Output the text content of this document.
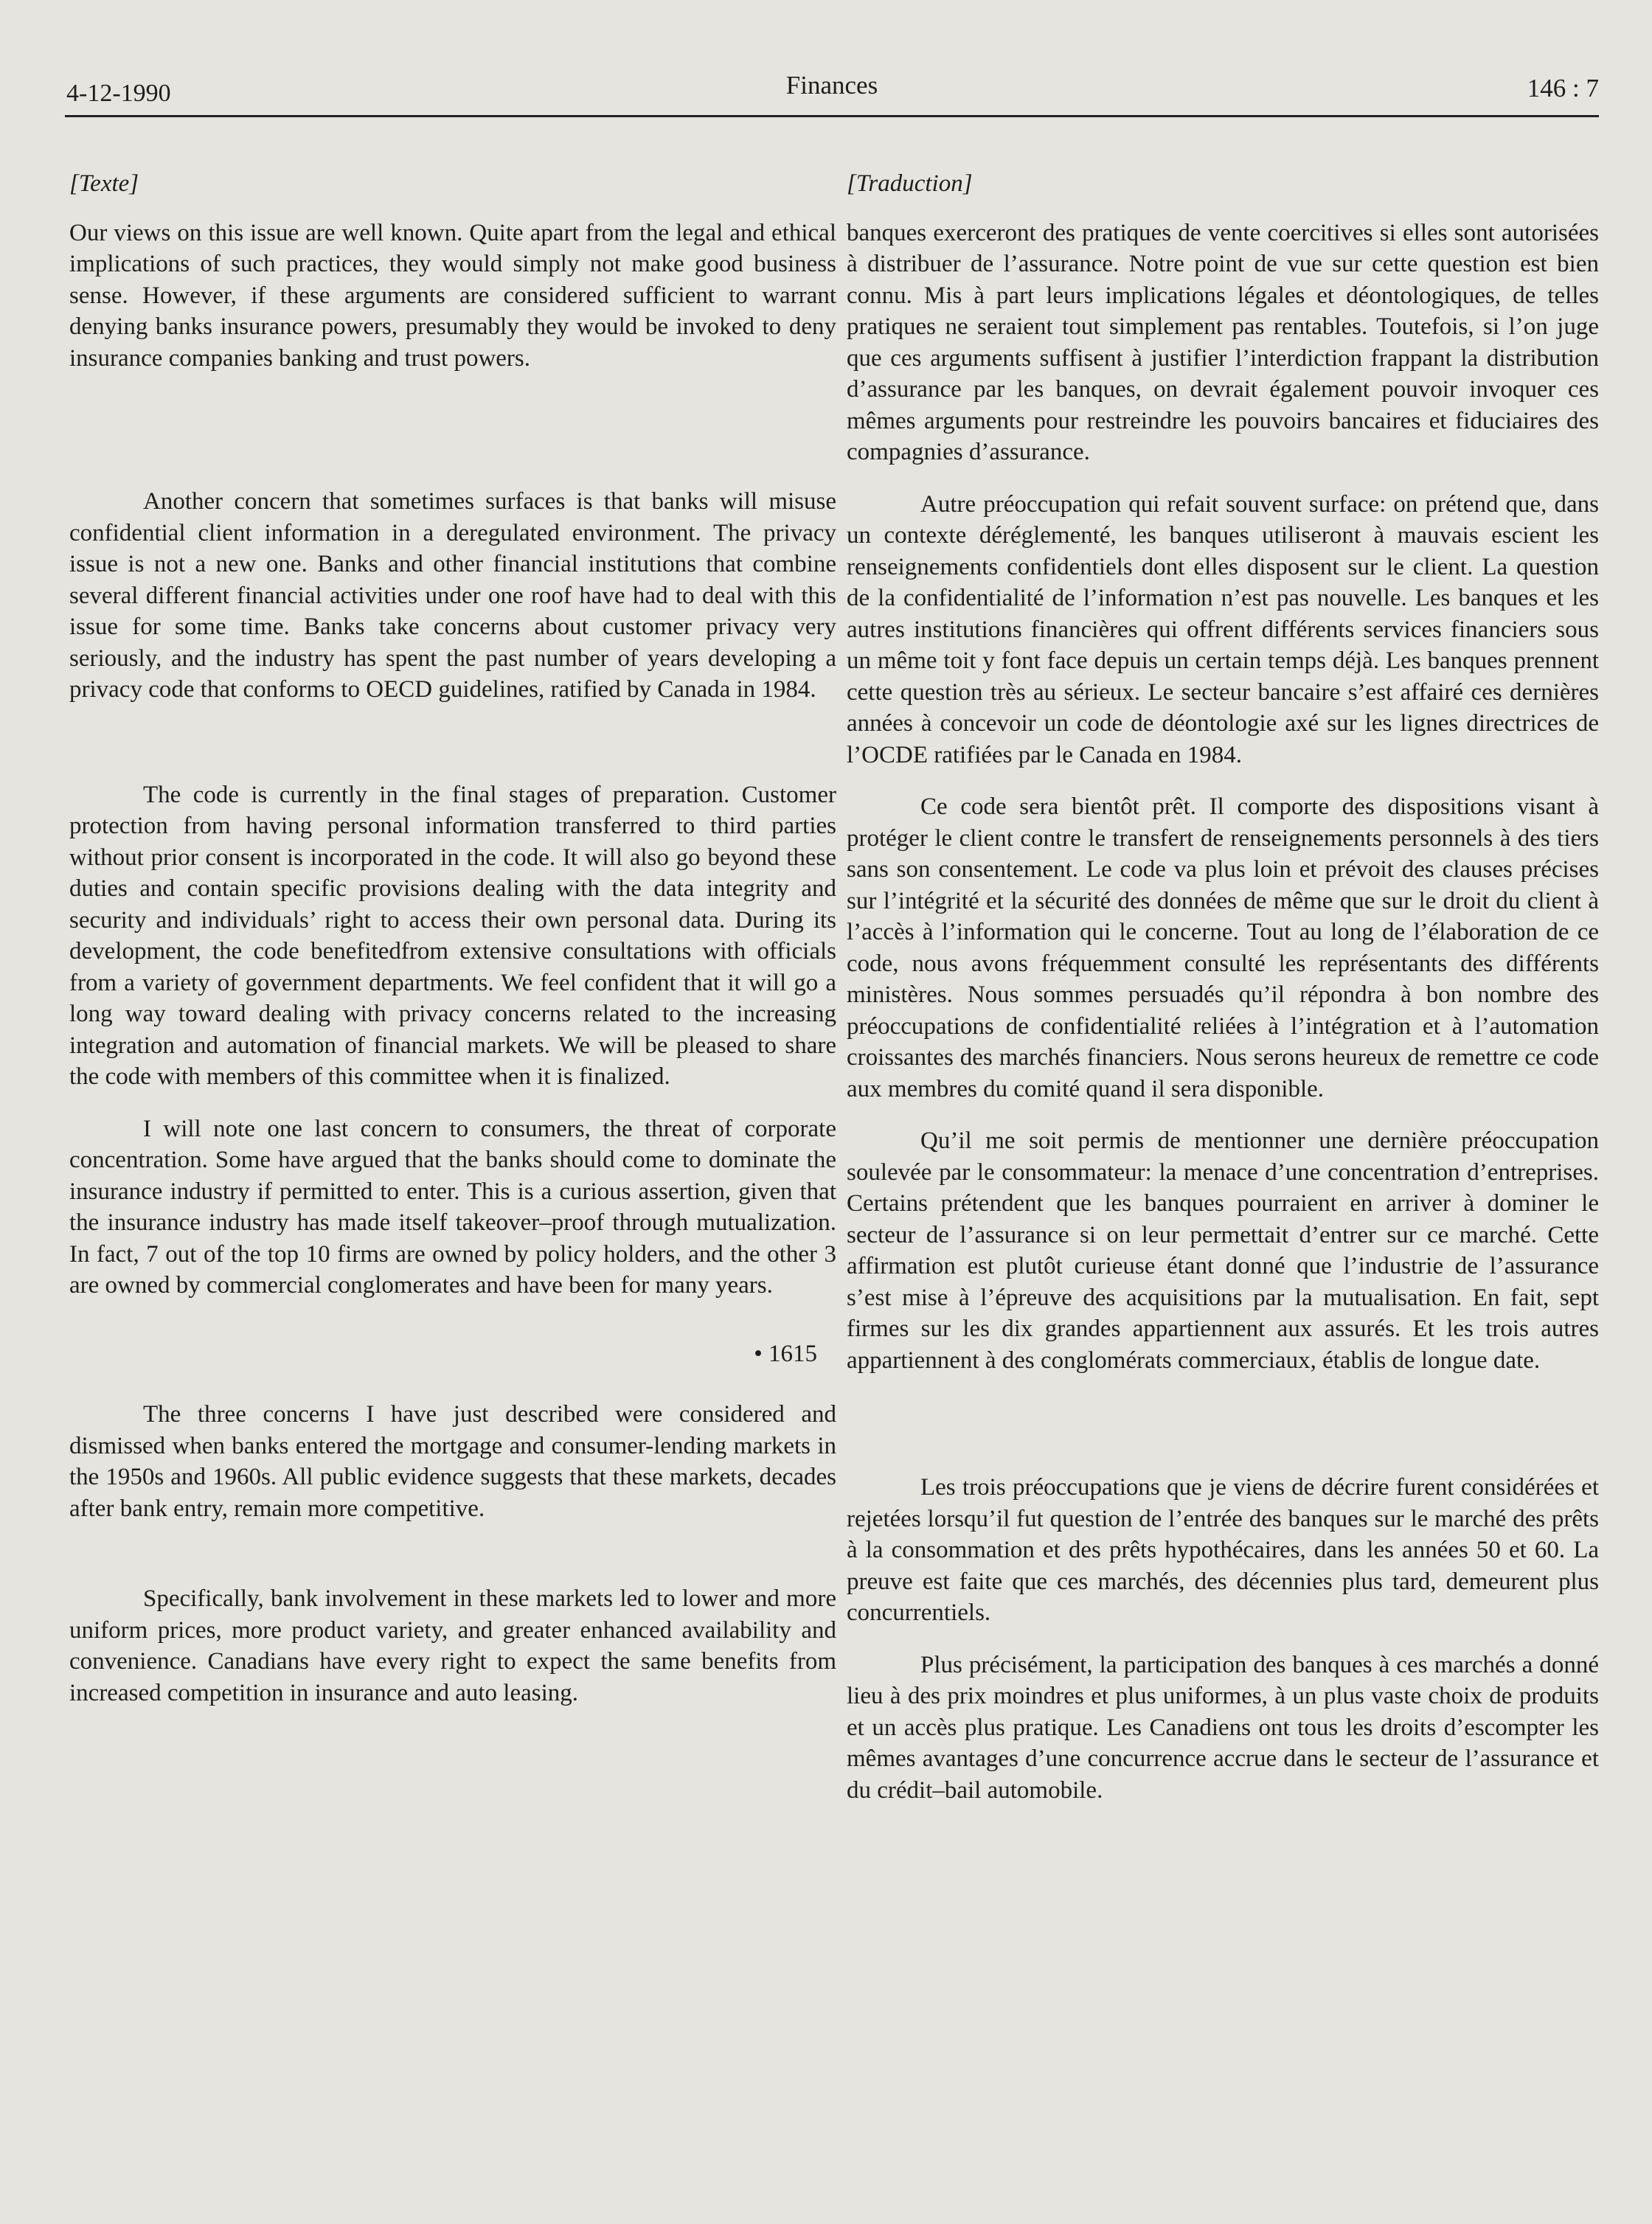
4-12-1990	Finances	146 : 7
[Texte]

Our views on this issue are well known. Quite apart from the legal and ethical implications of such practices, they would simply not make good business sense. However, if these arguments are considered sufficient to warrant denying banks insurance powers, presumably they would be invoked to deny insurance companies banking and trust powers.

Another concern that sometimes surfaces is that banks will misuse confidential client information in a deregulated environment. The privacy issue is not a new one. Banks and other financial institutions that combine several different financial activities under one roof have had to deal with this issue for some time. Banks take concerns about customer privacy very seriously, and the industry has spent the past number of years developing a privacy code that conforms to OECD guidelines, ratified by Canada in 1984.

The code is currently in the final stages of preparation. Customer protection from having personal information transferred to third parties without prior consent is incorporated in the code. It will also go beyond these duties and contain specific provisions dealing with the data integrity and security and individuals’ right to access their own personal data. During its development, the code benefitedfrom extensive consultations with officials from a variety of government departments. We feel confident that it will go a long way toward dealing with privacy concerns related to the increasing integration and automation of financial markets. We will be pleased to share the code with members of this committee when it is finalized.

I will note one last concern to consumers, the threat of corporate concentration. Some have argued that the banks should come to dominate the insurance industry if permitted to enter. This is a curious assertion, given that the insurance industry has made itself takeover–proof through mutualization. In fact, 7 out of the top 10 firms are owned by policy holders, and the other 3 are owned by commercial conglomerates and have been for many years.

• 1615

The three concerns I have just described were considered and dismissed when banks entered the mortgage and consumer-lending markets in the 1950s and 1960s. All public evidence suggests that these markets, decades after bank entry, remain more competitive.

Specifically, bank involvement in these markets led to lower and more uniform prices, more product variety, and greater enhanced availability and convenience. Canadians have every right to expect the same benefits from increased competition in insurance and auto leasing.

[Traduction]

banques exerceront des pratiques de vente coercitives si elles sont autorisées à distribuer de l’assurance. Notre point de vue sur cette question est bien connu. Mis à part leurs implications légales et déontologiques, de telles pratiques ne seraient tout simplement pas rentables. Toutefois, si l’on juge que ces arguments suffisent à justifier l’interdiction frappant la distribution d’assurance par les banques, on devrait également pouvoir invoquer ces mêmes arguments pour restreindre les pouvoirs bancaires et fiduciaires des compagnies d’assurance.

Autre préoccupation qui refait souvent surface: on prétend que, dans un contexte déréglementé, les banques utiliseront à mauvais escient les renseignements confidentiels dont elles disposent sur le client. La question de la confidentialité de l’information n’est pas nouvelle. Les banques et les autres institutions financières qui offrent différents services financiers sous un même toit y font face depuis un certain temps déjà. Les banques prennent cette question très au sérieux. Le secteur bancaire s’est affairé ces dernières années à concevoir un code de déontologie axé sur les lignes directrices de l’OCDE ratifiées par le Canada en 1984.

Ce code sera bientôt prêt. Il comporte des dispositions visant à protéger le client contre le transfert de renseignements personnels à des tiers sans son consentement. Le code va plus loin et prévoit des clauses précises sur l’intégrité et la sécurité des données de même que sur le droit du client à l’accès à l’information qui le concerne. Tout au long de l’élaboration de ce code, nous avons fréquemment consulté les représentants des différents ministères. Nous sommes persuadés qu’il répondra à bon nombre des préoccupations de confidentialité reliées à l’intégration et à l’automation croissantes des marchés financiers. Nous serons heureux de remettre ce code aux membres du comité quand il sera disponible.

Qu’il me soit permis de mentionner une dernière préoccupation soulevée par le consommateur: la menace d’une concentration d’entreprises. Certains prétendent que les banques pourraient en arriver à dominer le secteur de l’assurance si on leur permettait d’entrer sur ce marché. Cette affirmation est plutôt curieuse étant donné que l’industrie de l’assurance s’est mise à l’épreuve des acquisitions par la mutualisation. En fait, sept firmes sur les dix grandes appartiennent aux assurés. Et les trois autres appartiennent à des conglomérats commerciaux, établis de longue date.

Les trois préoccupations que je viens de décrire furent considérées et rejetées lorsqu’il fut question de l’entrée des banques sur le marché des prêts à la consommation et des prêts hypothécaires, dans les années 50 et 60. La preuve est faite que ces marchés, des décennies plus tard, demeurent plus concurrentiels.

Plus précisément, la participation des banques à ces marchés a donné lieu à des prix moindres et plus uniformes, à un plus vaste choix de produits et un accès plus pratique. Les Canadiens ont tous les droits d’escompter les mêmes avantages d’une concurrence accrue dans le secteur de l’assurance et du crédit–bail automobile.
